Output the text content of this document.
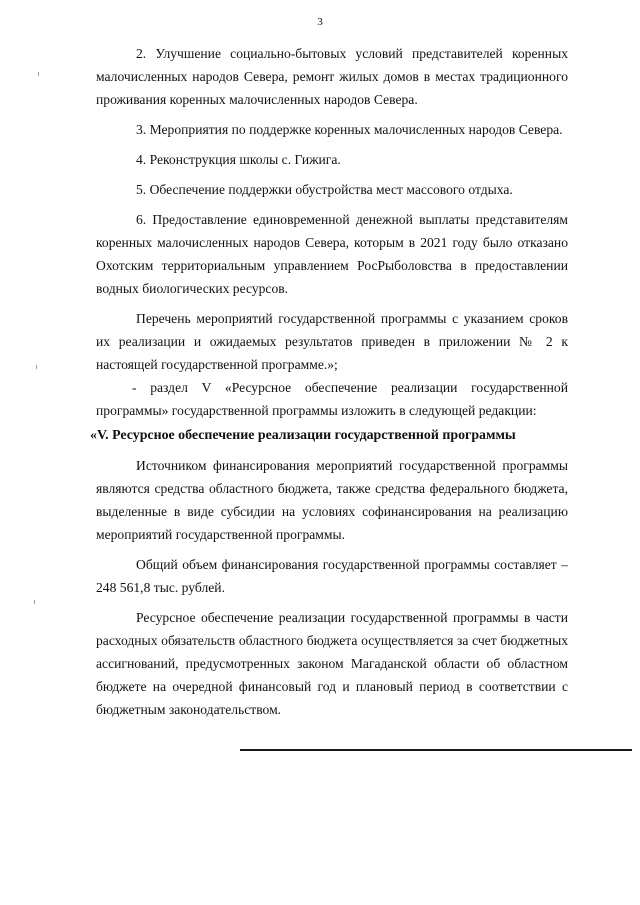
3

2. Улучшение социально-бытовых условий представителей коренных малочисленных народов Севера, ремонт жилых домов в местах традиционного проживания коренных малочисленных народов Севера.

3. Мероприятия по поддержке коренных малочисленных народов Севера.

4. Реконструкция школы с. Гижига.

5. Обеспечение поддержки обустройства мест массового отдыха.

6. Предоставление единовременной денежной выплаты представителям коренных малочисленных народов Севера, которым в 2021 году было отказано Охотским территориальным управлением РосРыболовства в предоставлении водных биологических ресурсов.

Перечень мероприятий государственной программы с указанием сроков их реализации и ожидаемых результатов приведен в приложении № 2 к настоящей государственной программе.»;

- раздел V «Ресурсное обеспечение реализации государственной программы» государственной программы изложить в следующей редакции:

«V. Ресурсное обеспечение реализации государственной программы

Источником финансирования мероприятий государственной программы являются средства областного бюджета, также средства федерального бюджета, выделенные в виде субсидии на условиях софинансирования на реализацию мероприятий государственной программы.

Общий объем финансирования государственной программы составляет – 248 561,8 тыс. рублей.

Ресурсное обеспечение реализации государственной программы в части расходных обязательств областного бюджета осуществляется за счет бюджетных ассигнований, предусмотренных законом Магаданской области об областном бюджете на очередной финансовый год и плановый период в соответствии с бюджетным законодательством.
